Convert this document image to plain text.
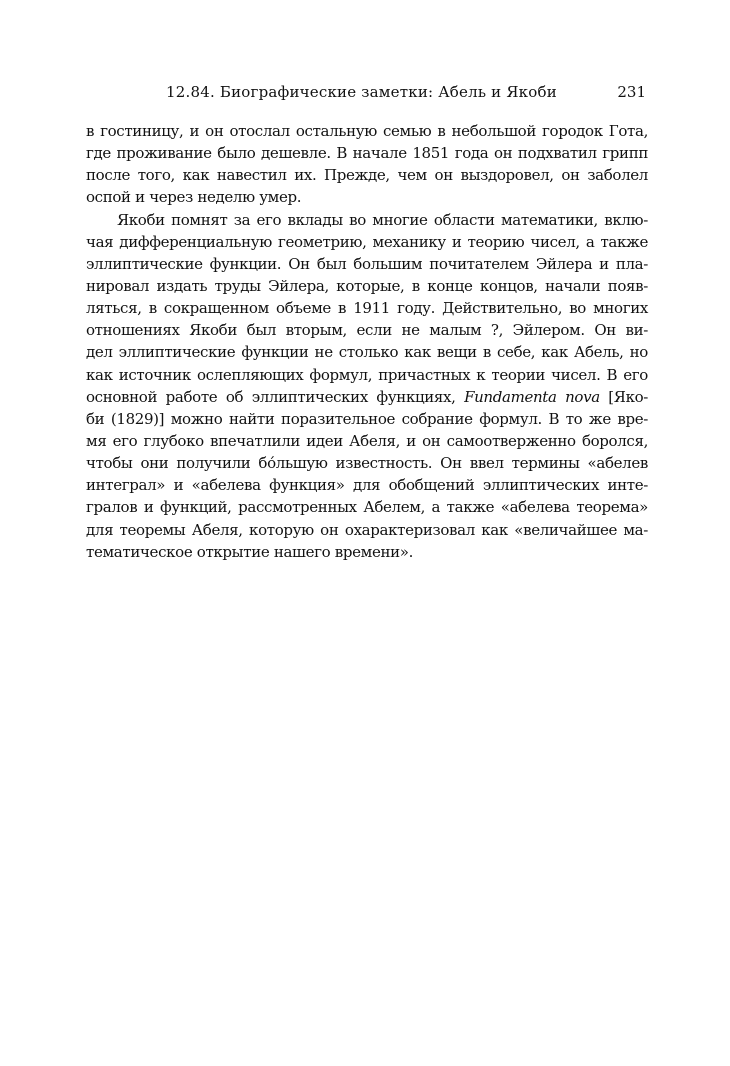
12.84. Биографические заметки: Абель и Якоби	231
в гостиницу, и он отослал остальную семью в небольшой городок Гота,
где проживание было дешевле. В начале 1851 года он подхватил грипп
после того, как навестил их. Прежде, чем он выздоровел, он заболел
оспой и через неделю умер.
Якоби помнят за его вклады во многие области математики, вклю-
чая дифференциальную геометрию, механику и теорию чисел, а также
эллиптические функции. Он был большим почитателем Эйлера и пла-
нировал издать труды Эйлера, которые, в конце концов, начали появ-
ляться, в сокращенном объеме в 1911 году. Действительно, во многих
отношениях Якоби был вторым, если не малым ?, Эйлером. Он ви-
дел эллиптические функции не столько как вещи в себе, как Абель, но
как источник ослепляющих формул, причастных к теории чисел. В его
основной работе об эллиптических функциях, Fundamenta nova [Яко-
би (1829)] можно найти поразительное собрание формул. В то же вре-
мя его глубоко впечатлили идеи Абеля, и он самоотверженно боролся,
чтобы они получили бо́льшую известность. Он ввел термины «абелев
интеграл» и «абелева функция» для обобщений эллиптических инте-
гралов и функций, рассмотренных Абелем, а также «абелева теорема»
для теоремы Абеля, которую он охарактеризовал как «величайшее ма-
тематическое открытие нашего времени».
